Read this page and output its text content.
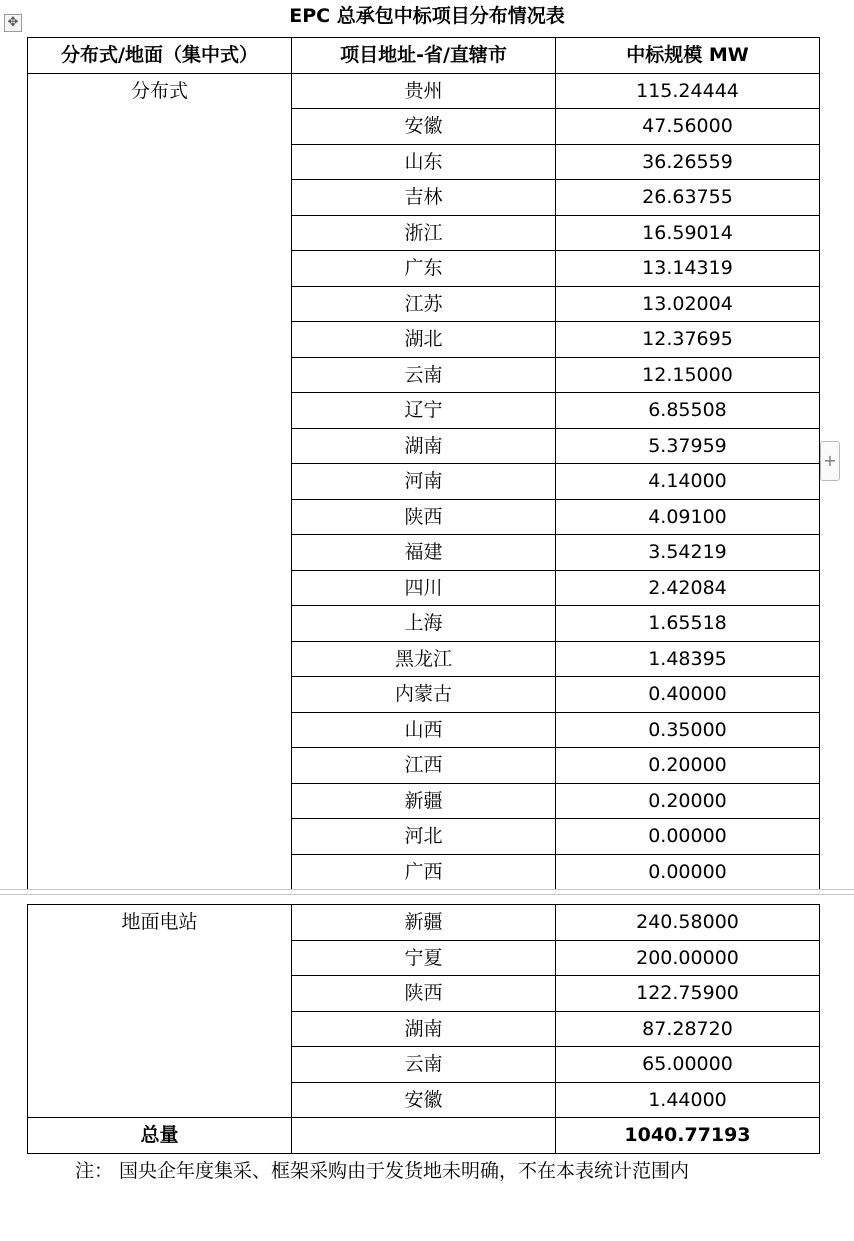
✥	EPC 总承包中标项目分布情况表
分布式/地面（集中式）	项目地址-省/直辖市	中标规模 MW
分布式	贵州	115.24444
	安徽	47.56000
	山东	36.26559
	吉林	26.63755
	浙江	16.59014
	广东	13.14319
	江苏	13.02004
	湖北	12.37695
	云南	12.15000
	辽宁	6.85508
	湖南	5.37959
	河南	4.14000
	陕西	4.09100
	福建	3.54219
	四川	2.42084
	上海	1.65518
	黑龙江	1.48395
	内蒙古	0.40000
	山西	0.35000
	江西	0.20000
	新疆	0.20000
	河北	0.00000
	广西	0.00000
+
地面电站	新疆	240.58000
	宁夏	200.00000
	陕西	122.75900
	湖南	87.28720
	云南	65.00000
	安徽	1.44000
总量		1040.77193
注： 国央企年度集采、框架采购由于发货地未明确，不在本表统计范围内
